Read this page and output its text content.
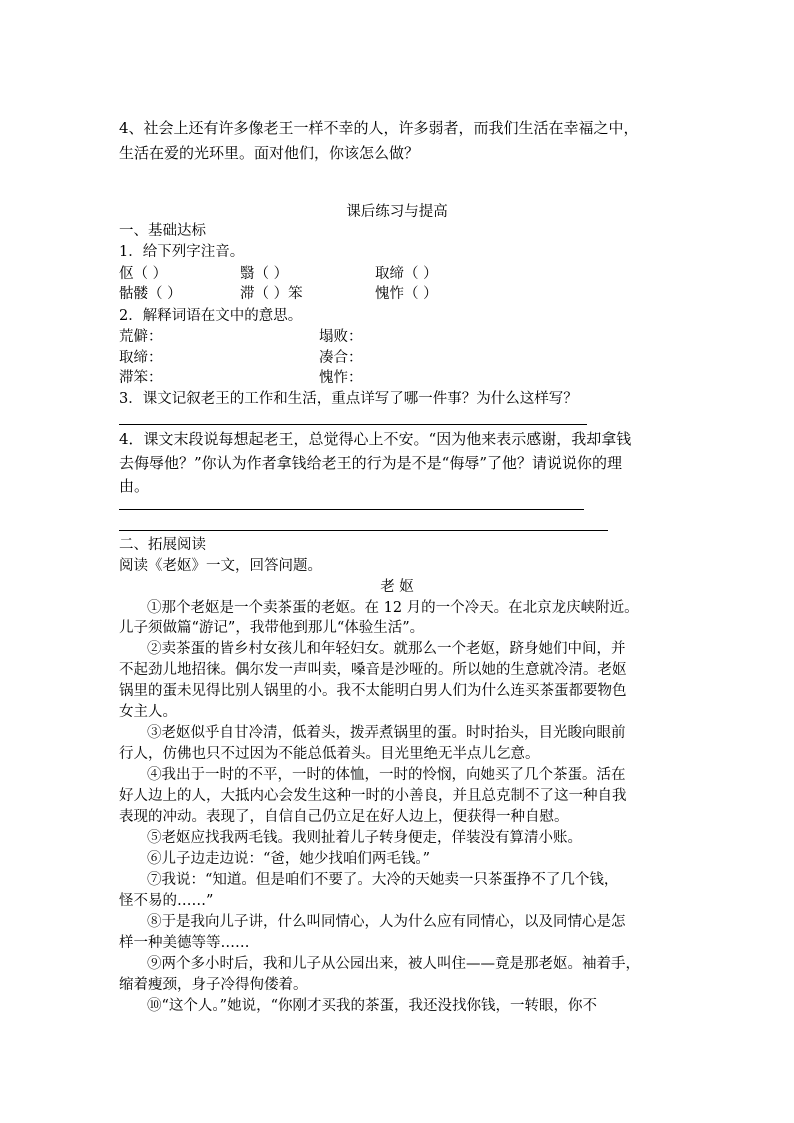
4、社会上还有许多像老王一样不幸的人，许多弱者，而我们生活在幸福之中，
生活在爱的光环里。面对他们，你该怎么做？
课后练习与提高
一、基础达标
1．给下列字注音。
伛（ ）	翳（ ）	取缔（ ）
骷髅（ ）	滞（ ）笨	愧怍（ ）
2．解释词语在文中的意思。
荒僻：	塌败：
取缔：	凑合：
滞笨：	愧怍：
3．课文记叙老王的工作和生活，重点详写了哪一件事？为什么这样写？
4．课文末段说每想起老王，总觉得心上不安。“因为他来表示感谢，我却拿钱
去侮辱他？”你认为作者拿钱给老王的行为是不是“侮辱”了他？请说说你的理
由。
二、拓展阅读
阅读《老妪》一文，回答问题。
老 妪
①那个老妪是一个卖茶蛋的老妪。在 12 月的一个冷天。在北京龙庆峡附近。
儿子须做篇“游记”，我带他到那儿“体验生活”。
②卖茶蛋的皆乡村女孩儿和年轻妇女。就那么一个老妪，跻身她们中间，并
不起劲儿地招徕。偶尔发一声叫卖，嗓音是沙哑的。所以她的生意就冷清。老妪
锅里的蛋未见得比别人锅里的小。我不太能明白男人们为什么连买茶蛋都要物色
女主人。
③老妪似乎自甘冷清，低着头，拨弄煮锅里的蛋。时时抬头，目光睃向眼前
行人，仿佛也只不过因为不能总低着头。目光里绝无半点儿乞意。
④我出于一时的不平，一时的体恤，一时的怜悯，向她买了几个茶蛋。活在
好人边上的人，大抵内心会发生这种一时的小善良，并且总克制不了这一种自我
表现的冲动。表现了，自信自己仍立足在好人边上，便获得一种自慰。
⑤老妪应找我两毛钱。我则扯着儿子转身便走，佯装没有算清小账。
⑥儿子边走边说：“爸，她少找咱们两毛钱。”
⑦我说：“知道。但是咱们不要了。大冷的天她卖一只茶蛋挣不了几个钱，
怪不易的……”
⑧于是我向儿子讲，什么叫同情心，人为什么应有同情心，以及同情心是怎
样一种美德等等……
⑨两个多小时后，我和儿子从公园出来，被人叫住——竟是那老妪。袖着手，
缩着瘦颈，身子冷得佝偻着。
⑩“这个人。”她说，“你刚才买我的茶蛋，我还没找你钱，一转眼，你不
